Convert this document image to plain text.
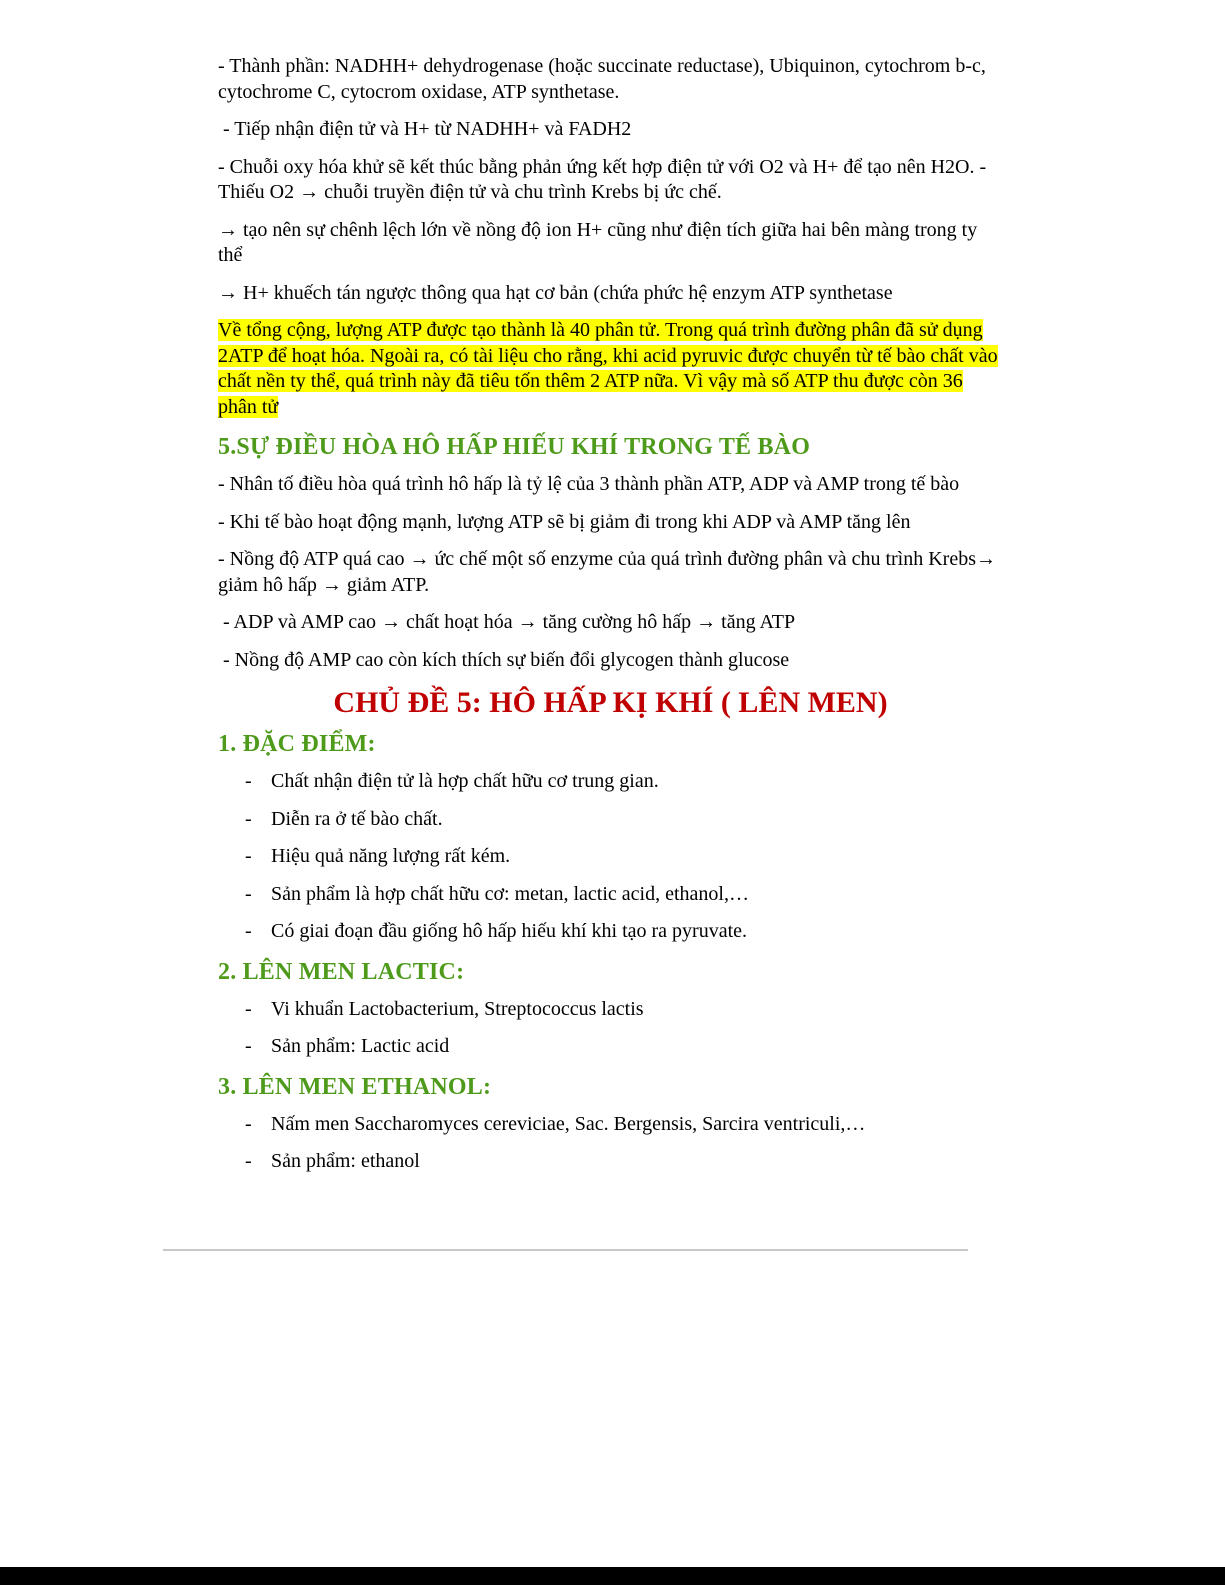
- Thành phần: NADHH+ dehydrogenase (hoặc succinate reductase), Ubiquinon, cytochrom b-c, cytochrome C, cytocrom oxidase, ATP synthetase.

- Tiếp nhận điện tử và H+ từ NADHH+ và FADH2

- Chuỗi oxy hóa khử sẽ kết thúc bằng phản ứng kết hợp điện tử với O2 và H+ để tạo nên H2O. - Thiếu O2 → chuỗi truyền điện tử và chu trình Krebs bị ức chế.

→ tạo nên sự chênh lệch lớn về nồng độ ion H+ cũng như điện tích giữa hai bên màng trong ty thể

→ H+ khuếch tán ngược thông qua hạt cơ bản (chứa phức hệ enzym ATP synthetase

Về tổng cộng, lượng ATP được tạo thành là 40 phân tử. Trong quá trình đường phân đã sử dụng 2ATP để hoạt hóa. Ngoài ra, có tài liệu cho rằng, khi acid pyruvic được chuyển từ tế bào chất vào chất nền ty thể, quá trình này đã tiêu tốn thêm 2 ATP nữa. Vì vậy mà số ATP thu được còn 36 phân tử

5.SỰ ĐIỀU HÒA HÔ HẤP HIẾU KHÍ TRONG TẾ BÀO

- Nhân tố điều hòa quá trình hô hấp là tỷ lệ của 3 thành phần ATP, ADP và AMP trong tế bào

- Khi tế bào hoạt động mạnh, lượng ATP sẽ bị giảm đi trong khi ADP và AMP tăng lên

- Nồng độ ATP quá cao → ức chế một số enzyme của quá trình đường phân và chu trình Krebs→ giảm hô hấp → giảm ATP.

- ADP và AMP cao → chất hoạt hóa → tăng cường hô hấp → tăng ATP

- Nồng độ AMP cao còn kích thích sự biến đổi glycogen thành glucose

CHỦ ĐỀ 5: HÔ HẤP KỊ KHÍ ( LÊN MEN)
1. ĐẶC ĐIỂM:
- Chất nhận điện tử là hợp chất hữu cơ trung gian.
- Diễn ra ở tế bào chất.
- Hiệu quả năng lượng rất kém.
- Sản phẩm là hợp chất hữu cơ: metan, lactic acid, ethanol,…
- Có giai đoạn đầu giống hô hấp hiếu khí khi tạo ra pyruvate.
2. LÊN MEN LACTIC:
- Vi khuẩn Lactobacterium, Streptococcus lactis
- Sản phẩm: Lactic acid
3. LÊN MEN ETHANOL:
- Nấm men Saccharomyces cereviciae, Sac. Bergensis, Sarcira ventriculi,…
- Sản phẩm: ethanol
